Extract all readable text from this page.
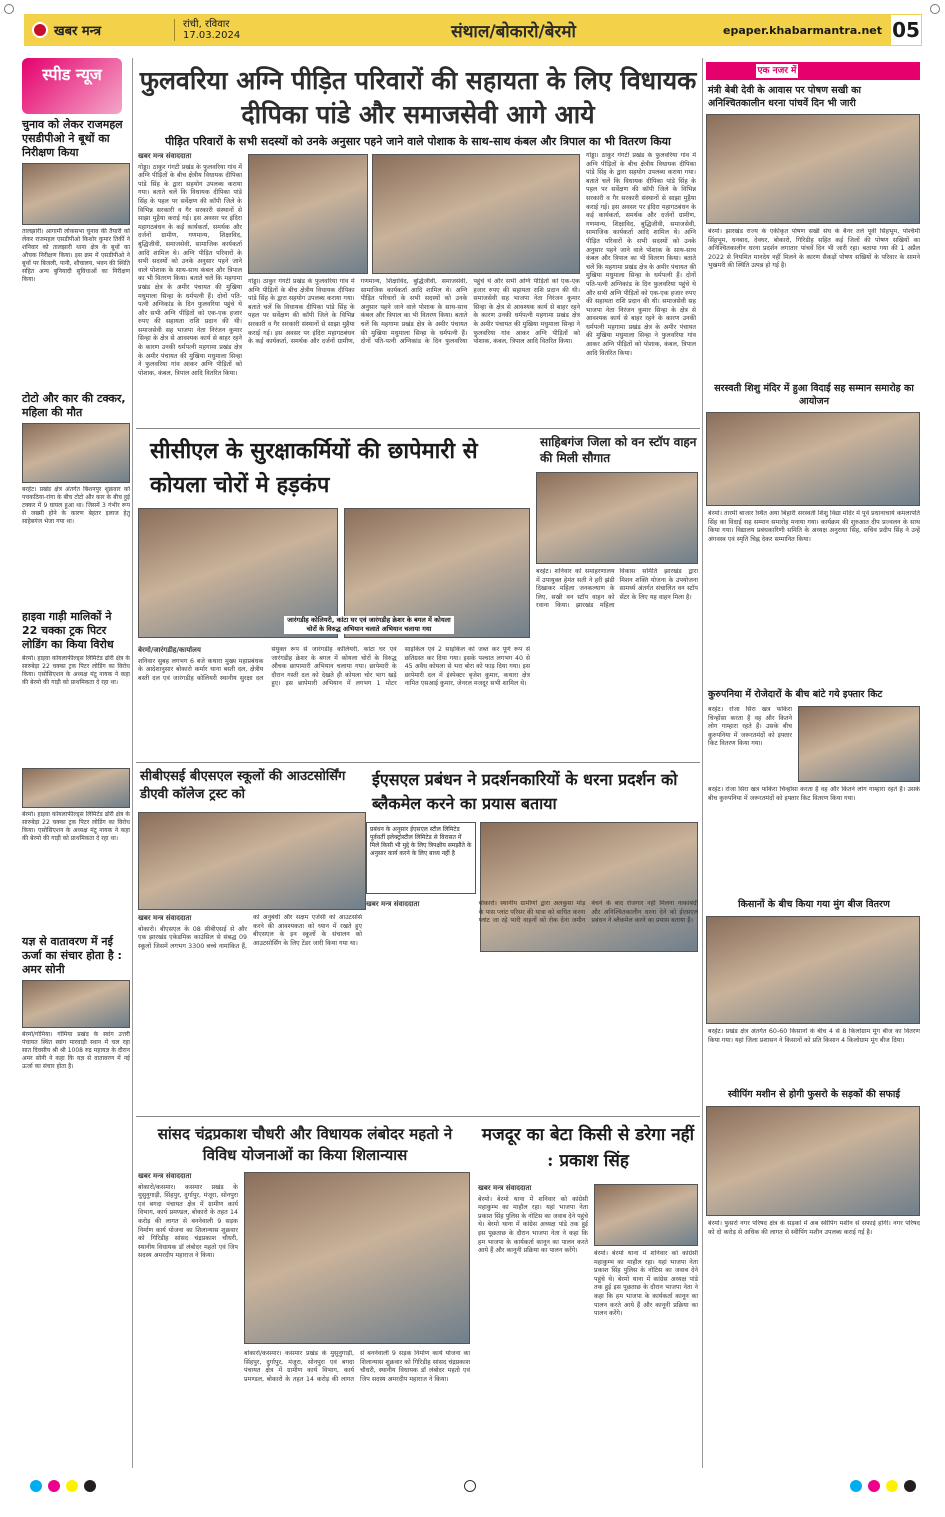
खबर मन्त्र	रांची, रविवार
17.03.2024	संथाल/बोकारो/बेरमो	epaper.khabarmantra.net 05
स्पीड न्यूज
चुनाव को लेकर राजमहल एसडीपीओ ने बूथों का निरीक्षण किया
तालझारी। आगामी लोकसभा चुनाव की तैयारी को लेकर राजमहल एसडीपीओ किशोर कुमार तिर्की ने शनिवार को तालझारी थाना क्षेत्र के बूथों का औचक निरीक्षण किया। इस क्रम में एसडीपीओ ने बूथों पर बिजली, पानी, शौचालय, भवन की स्थिति सहित अन्य बुनियादी सुविधाओं का निरीक्षण किया।
टोटो और कार की टक्कर, महिला की मौत
बरहेट। प्रखंड क्षेत्र अंतर्गत बिशनपुर शुक्रवार को पचकठिया-रांगा के बीच टोटो और कार के बीच हुई टक्कर में 9 घायल हुआ था। जिसमें 3 गंभीर रूप से जख्मी होने के कारण बेहतर इलाज हेतु साहेबगंज भेजा गया था।
हाइवा गाड़ी मालिकों ने 22 चक्का ट्रक पिटर लोडिंग का किया विरोध
बेरमो। हाइवा कोयलाफील्ड्स लिमिटेड ढोरी क्षेत्र के सारुबेड़ा 22 चक्का ट्रक पिटर लोडिंग का विरोध किया। एसोसिएशन के अध्यक्ष मंटू नायक ने कहा की बेरमो की गाड़ी को प्राथमिकता दे रहा था।
बेरमो। हाइवा कोयलाफील्ड्स लिमिटेड ढोरी क्षेत्र के सारुबेड़ा 22 चक्का ट्रक पिटर लोडिंग का विरोध किया। एसोसिएशन के अध्यक्ष मंटू नायक ने कहा की बेरमो की गाड़ी को प्राथमिकता दे रहा था।
यज्ञ से वातावरण में नई ऊर्जा का संचार होता है : अमर सोनी
बेरमो/गोमिया। गोमिया प्रखंड के स्वांग उत्तरी पंचायत स्थित स्वांग मारवाड़ी स्थान में चल रहा सात दिवसीय श्री श्री 1008 रुद्र महायज्ञ के दौरान अमर सोनी ने कहा कि यज्ञ से वातावरण में नई ऊर्जा का संचार होता है।
फुलवरिया अग्नि पीड़ित परिवारों की सहायता के लिए विधायक दीपिका पांडे और समाजसेवी आगे आये
पीड़ित परिवारों के सभी सदस्यों को उनके अनुसार पहने जाने वाले पोशाक के साथ-साथ कंबल और त्रिपाल का भी वितरण किया
खबर मन्त्र संवाददाता
गोड्डा। ठाकुर गंगटी प्रखंड के फुलवरिया गांव में अग्नि पीड़ितों के बीच क्षेत्रीय विधायक दीपिका पांडे सिंह के द्वारा सहयोग उपलब्ध कराया गया। बताते चलें कि विधायक दीपिका पांडे सिंह के पहल पर सर्वेक्षण की कॉपी जिले के विभिन्न सरकारी व गैर सरकारी संस्थानों से साझा मुहैया कराई गई। इस अवसर पर इंदिरा महागठबंधन के कई कार्यकर्ता, समर्थक और दर्जनों ग्रामीण, गणमान्य, शिक्षाविद, बुद्धिजीवी, समाजसेवी, सामाजिक कार्यकर्ता आदि शामिल थे। अग्नि पीड़ित परिवारों के सभी सदस्यों को उनके अनुसार पहने जाने वाले पोशाक के साथ-साथ कंबल और त्रिपाल का भी वितरण किया। बताते चलें कि महगामा प्रखंड क्षेत्र के अमीर पंचायत की मुखिया मधुमाला सिन्हा के धर्मपत्नी हैं। दोनों पति-पत्नी अग्निकांड के दिन फुलवरिया पहुंचे थे और सभी अग्नि पीड़ितों को एक-एक हजार रुपए की सहायता राशि प्रदान की थी। समाजसेवी सह भाजपा नेता निरंजन कुमार सिन्हा के क्षेत्र से आवश्यक कार्य से बाहर रहने के कारण उनकी धर्मपत्नी महगामा प्रखंड क्षेत्र के अमीर पंचायत की मुखिया मधुमाला सिन्हा ने फुलवरिया गांव आकर अग्नि पीड़ितों को पोशाक, कंबल, त्रिपाल आदि वितरित किया।
गोड्डा। ठाकुर गंगटी प्रखंड के फुलवरिया गांव में अग्नि पीड़ितों के बीच क्षेत्रीय विधायक दीपिका पांडे सिंह के द्वारा सहयोग उपलब्ध कराया गया। बताते चलें कि विधायक दीपिका पांडे सिंह के पहल पर सर्वेक्षण की कॉपी जिले के विभिन्न सरकारी व गैर सरकारी संस्थानों से साझा मुहैया कराई गई। इस अवसर पर इंदिरा महागठबंधन के कई कार्यकर्ता, समर्थक और दर्जनों ग्रामीण, गणमान्य, शिक्षाविद, बुद्धिजीवी, समाजसेवी, सामाजिक कार्यकर्ता आदि शामिल थे। अग्नि पीड़ित परिवारों के सभी सदस्यों को उनके अनुसार पहने जाने वाले पोशाक के साथ-साथ कंबल और त्रिपाल का भी वितरण किया। बताते चलें कि महगामा प्रखंड क्षेत्र के अमीर पंचायत की मुखिया मधुमाला सिन्हा के धर्मपत्नी हैं। दोनों पति-पत्नी अग्निकांड के दिन फुलवरिया पहुंचे थे और सभी अग्नि पीड़ितों को एक-एक हजार रुपए की सहायता राशि प्रदान की थी। समाजसेवी सह भाजपा नेता निरंजन कुमार सिन्हा के क्षेत्र से आवश्यक कार्य से बाहर रहने के कारण उनकी धर्मपत्नी महगामा प्रखंड क्षेत्र के अमीर पंचायत की मुखिया मधुमाला सिन्हा ने फुलवरिया गांव आकर अग्नि पीड़ितों को पोशाक, कंबल, त्रिपाल आदि वितरित किया।
गोड्डा। ठाकुर गंगटी प्रखंड के फुलवरिया गांव में अग्नि पीड़ितों के बीच क्षेत्रीय विधायक दीपिका पांडे सिंह के द्वारा सहयोग उपलब्ध कराया गया। बताते चलें कि विधायक दीपिका पांडे सिंह के पहल पर सर्वेक्षण की कॉपी जिले के विभिन्न सरकारी व गैर सरकारी संस्थानों से साझा मुहैया कराई गई। इस अवसर पर इंदिरा महागठबंधन के कई कार्यकर्ता, समर्थक और दर्जनों ग्रामीण, गणमान्य, शिक्षाविद, बुद्धिजीवी, समाजसेवी, सामाजिक कार्यकर्ता आदि शामिल थे। अग्नि पीड़ित परिवारों के सभी सदस्यों को उनके अनुसार पहने जाने वाले पोशाक के साथ-साथ कंबल और त्रिपाल का भी वितरण किया। बताते चलें कि महगामा प्रखंड क्षेत्र के अमीर पंचायत की मुखिया मधुमाला सिन्हा के धर्मपत्नी हैं। दोनों पति-पत्नी अग्निकांड के दिन फुलवरिया पहुंचे थे और सभी अग्नि पीड़ितों को एक-एक हजार रुपए की सहायता राशि प्रदान की थी। समाजसेवी सह भाजपा नेता निरंजन कुमार सिन्हा के क्षेत्र से आवश्यक कार्य से बाहर रहने के कारण उनकी धर्मपत्नी महगामा प्रखंड क्षेत्र के अमीर पंचायत की मुखिया मधुमाला सिन्हा ने फुलवरिया गांव आकर अग्नि पीड़ितों को पोशाक, कंबल, त्रिपाल आदि वितरित किया।
सीसीएल के सुरक्षाकर्मियों की छापेमारी से कोयला चोरों मे हड़कंप
जारंगडीह कोलियरी, कांटा घर एवं जारंगडीह क्रेशर के बगल में कोयला चोरों के विरुद्ध अभियान चलाते अभियान चलाया गया
बेरमो/जारंगडीह/कार्यालय
शनिवार सुबह लगभग 6 बजे कथारा मुख्य महाप्रबंधक के आदेशानुसार बोकारो कर्मार थाना बस्ती दल, क्षेत्रीय बस्ती दल एवं जारंगडीह कोलियरी स्थानीय सुरक्षा दल संयुक्त रूप से जारंगडीह कोलियरी, कांटा घर एवं जारंगडीह क्रेशर के बगल में कोयला चोरों के विरुद्ध औचक छापामारी अभियान चलाया गया। छापेमारी के दौरान गस्ती दल को देखते ही कोयला चोर भाग खड़े हुए। इस छापेमारी अभियान में लगभग 1 मोटर साइकिल एवं 2 साइकिल को जब्त कर पूर्ण रूप से छतिग्रस्त कर दिया गया। इसके पश्चात लगभग 40 से 45 अवैध कोयला से भरा बोरा को फाड़ दिया गया। इस छापेमारी दल में इंस्पेक्टर बृजेश कुमार, कथारा क्षेत्र नामित एसआई कुमार, जेनरल मजदूर सभी शामिल थे।
साहिबगंज जिला को वन स्टॉप वाहन की मिली सौगात
बरहेट। शनिवार को समाहरणालय में उपायुक्त हेमंत सती ने हरी झंडी दिखाकर महिला जनकल्याण के लिए, सखी वन स्टॉप वाहन को रवाना किया। झारखंड महिला विकास समिति झारखंड द्वारा मिशन शक्ति योजना के उपयोजना सामर्थ्य अंतर्गत संचालित वन स्टॉप सेंटर के लिए यह वाहन मिला है।
सीबीएसई बीएसएल स्कूलों की आउटसोर्सिंग डीएवी कॉलेज ट्रस्ट को
खबर मन्त्र संवाददाता
बोकारो। बीएसएल के 08 सीबीएसई से और एक झारखंड एकेडमिक काउंसिल से संबद्ध 09 स्कूलों जिसमें लगभग 3300 बच्चे नामांकित हैं, को अनुबंधी और सक्षम एजेंसी को आउटसोर्स करने की आवश्यकता को ध्यान में रखते हुए बीएसएल के इन स्कूलों के संचालन को आउटसोर्सिंग के लिए टेंडर जारी किया गया था।
ईएसएल प्रबंधन ने प्रदर्शनकारियों के धरना प्रदर्शन को ब्लैकमेल करने का प्रयास बताया
प्रबंधन के अनुसार ईएसएल स्टील लिमिटेड पूर्ववर्ती इलेक्ट्रोस्टील लिमिटेड से विरासत में मिले किसी भी मुद्दे के लिए त्रिपक्षीय समझौते के अनुसार कार्य करने के लिए बाध्य नहीं है
खबर मन्त्र संवाददाता	बोकारो। स्थानीय ग्रामीणों द्वारा अलकुसा मोड़ के पास प्लांट परिसर की यात्रा को बाधित करना प्लांट जा रहे भारी वाहनों को रोक देना जमीन बेचने के बाद रोजगार नहीं मिलना नाकाबंदी और अनिश्चितकालीन धरना देने को ईएसएल प्रबंधन ने ब्लैकमेल करने का प्रयास बताया है।
सांसद चंद्रप्रकाश चौधरी और विधायक लंबोदर महतो ने विविध योजनाओं का किया शिलान्यास
खबर मन्त्र संवाददाता
बोकारो/कसमार। कसमार प्रखंड के मुसुनुगाड़ी, सिंहपुर, दुर्गापुर, मंजूरा, सोनपुरा एवं बगदा पंचायत क्षेत्र में ग्रामीण कार्य विभाग, कार्य प्रमण्डल, बोकारो के तहत 14 करोड़ की लागत से बननेवाली 9 सड़क निर्माण कार्य योजना का शिलान्यास शुक्रवार को गिरिडीह सांसद चंद्रप्रकाश चौधरी, स्थानीय विधायक डॉ लंबोदर महतो एवं जिप सदस्य अमरदीप महाराज ने किया।
बोकारो/कसमार। कसमार प्रखंड के मुसुनुगाड़ी, सिंहपुर, दुर्गापुर, मंजूरा, सोनपुरा एवं बगदा पंचायत क्षेत्र में ग्रामीण कार्य विभाग, कार्य प्रमण्डल, बोकारो के तहत 14 करोड़ की लागत से बननेवाली 9 सड़क निर्माण कार्य योजना का शिलान्यास शुक्रवार को गिरिडीह सांसद चंद्रप्रकाश चौधरी, स्थानीय विधायक डॉ लंबोदर महतो एवं जिप सदस्य अमरदीप महाराज ने किया।
मजदूर का बेटा किसी से डरेगा नहीं : प्रकाश सिंह
खबर मन्त्र संवाददाता
बेरमो। बेरमो थाना में शनिवार को कांग्रेसी महाकुम्भ का माहौल रहा। यहां भाजपा नेता प्रकाश सिंह पुलिस के नोटिस का जवाब देने पहुंचे थे। बेरमो थाना में कांग्रेस अध्यक्ष पांडे तक हुई इस पूछताछ के दौरान भाजपा नेता ने कहा कि हम भाजपा के कार्यकर्ता कानून का पालन करते आये हैं और कानूनी प्रक्रिया का पालन करेंगे।	बेरमो। बेरमो थाना में शनिवार को कांग्रेसी महाकुम्भ का माहौल रहा। यहां भाजपा नेता प्रकाश सिंह पुलिस के नोटिस का जवाब देने पहुंचे थे। बेरमो थाना में कांग्रेस अध्यक्ष पांडे तक हुई इस पूछताछ के दौरान भाजपा नेता ने कहा कि हम भाजपा के कार्यकर्ता कानून का पालन करते आये हैं और कानूनी प्रक्रिया का पालन करेंगे।
एक नजर में
मंत्री बेबी देवी के आवास पर पोषण सखी का अनिश्चितकालीन धरना पांचवें दिन भी जारी
बेरमो। झारखंड राज्य के एकीकृत पोषण सखी संघ के बैनर तले पूर्वी सिंहभूम, पश्चिमी सिंहभूम, धनबाद, देवघर, बोकारो, गिरिडीह सहित कई जिलों की पोषण सखियों का अनिश्चितकालीन धरना प्रदर्शन लगातार पांचवें दिन भी जारी रहा। बताया गया की 1 अप्रैल 2022 से नियमित मानदेय नहीं मिलने के कारण सैकड़ों पोषण सखियों के परिवार के सामने भुखमरी की स्थिति उत्पन्न हो गई है।
सरस्वती शिशु मंदिर में हुआ विदाई सह सम्मान समारोह का आयोजन
बेरमो। तारमी बाजार स्थित अया बिहारी सरस्वती शिशु विद्या मंदिर में पूर्व प्रधानाचार्य कमलापति सिंह का विदाई सह सम्मान समारोह मनाया गया। कार्यक्रम की शुरुआत दीप प्रज्वलन के साथ किया गया। विद्यालय प्रबंधकारिणी समिति के अध्यक्ष अनुराधा सिंह, सचिव प्रदीप सिंह ने उन्हें अंगवस्त्र एवं स्मृति चिह्न देकर सम्मानित किया।
कुरुपनिया में रोजेदारों के बीच बांटे गये इफ्तार किट
बरहेट। रोजा सिरा खत्र फकिरा चिन्होंसा करता है वह और कितने लोग गाम्हारा रहते हैं। उसके बीच कुरुपनिया में जरूरतमंदों को इफ्तार किट वितरण किया गया।
बरहेट। रोजा सिरा खत्र फकिरा चिन्होंसा करता है वह और कितने लोग गाम्हारा रहते हैं। उसके बीच कुरुपनिया में जरूरतमंदों को इफ्तार किट वितरण किया गया।
किसानों के बीच किया गया मुंग बीज वितरण
बरहेट। प्रखंड क्षेत्र अंतर्गत 60-60 किसानों के बीच 4 से 8 किलोग्राम मूंग बीज का वितरण किया गया। यहां जिला प्रशासन ने किसानों को प्रति किसान 4 किलोग्राम मूंग बीज दिया।
स्वीपिंग मशीन से होगी फुसरो के सड़कों की सफाई
बेरमो। फुसरो नगर परिषद क्षेत्र के सड़कों में अब स्वीपिंग मशीन से सफाई होगी। नगर परिषद को दो करोड़ से अधिक की लागत से स्वीपिंग मशीन उपलब्ध कराई गई है।
